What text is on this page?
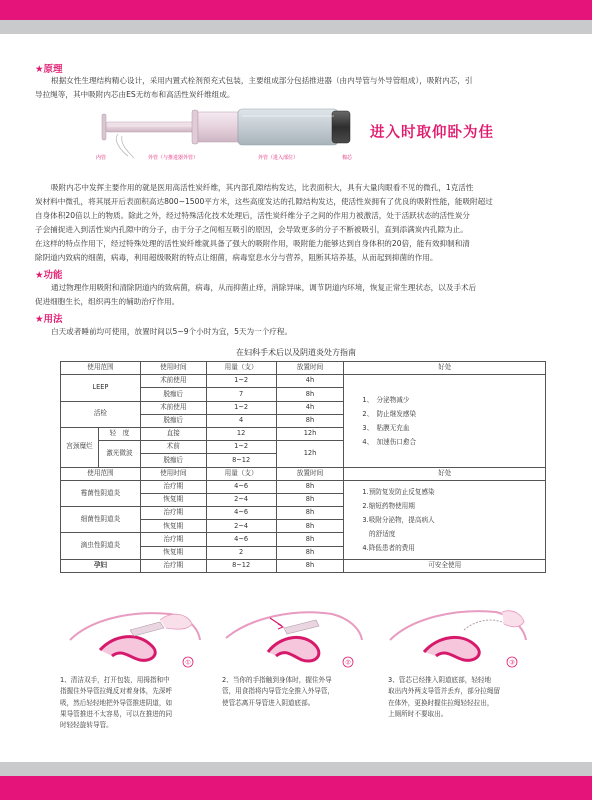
★原理
根据女性生理结构精心设计，采用内置式栓剂预充式包装，主要组成部分包括推进器（由内导管与外导管组成），吸附内芯，引
导拉绳等，其中吸附内芯由ES无纺布和高活性炭纤维组成。
进入时取仰卧为佳
内管	外管（与推进器外管）	外管（进入部位）	棉芯
吸附内芯中发挥主要作用的就是医用高活性炭纤维，其内部孔隙结构发达，比表面积大，具有大量肉眼看不见的微孔，1克活性
炭材料中微孔，将其展开后表面积高达800~1500平方米，这些高度发达的孔隙结构发达，使活性炭拥有了优良的吸附性能，能吸附超过
自身体积20倍以上的物质。除此之外，经过特殊活化技术处理后，活性炭纤维分子之间的作用力被激活，处于活跃状态的活性炭分
子会捕捉进入到活性炭内孔隙中的分子，由于分子之间相互吸引的原因，会导致更多的分子不断被吸引，直到添满炭内孔隙为止。
在这样的特点作用下，经过特殊处理的活性炭纤维就具备了强大的吸附作用，吸附能力能够达到自身体积的20倍，能有效抑制和清
除阴道内致病的细菌，病毒，利用超级吸附的特点让细菌，病毒窒息水分与营养，阻断其培养基，从而起到抑菌的作用。
★功能
通过物理作用吸附和清除阴道内的致病菌，病毒，从而抑菌止痒，消除异味，调节阴道内环境，恢复正常生理状态，以及手术后
促进细胞生长，组织再生的辅助治疗作用。
★用法
白天或者睡前均可使用，放置时间以5~9个小时为宜，5天为一个疗程。
在妇科手术后以及阴道炎处方指南
使用范围		使用时间	用量（支）	放置时间	好处
LEEP		术前使用	1~2	4h	1、　分泌物减少
2、　防止继发感染
3、　粘膜无充血
4、　加速伤口愈合

		脱痂后	7	8h	
活检		术前使用	1~2	4h	
		脱痂后	4	8h	
宫颈糜烂	轻　度	直接	12	12h	
	激光微波	术前	1~2	12h	
		脱痂后	8~12		
使用范围		使用时间	用量（支）	放置时间	好处
霉菌性阴道炎		治疗期	4~6	8h	1.预防复发防止反复感染
2.缩短药物使用期
3.吸附分泌物，提高病人
　的舒适度
4.降低患者的费用

		恢复期	2~4	8h	
细菌性阴道炎		治疗期	4~6	8h	
		恢复期	2~4	8h	
滴虫性阴道炎		治疗期	4~6	8h	
		恢复期	2	8h	
孕妇		治疗期	8~12	8h	可安全使用
①	②	③
1、清洁双手，打开包装，用拇指和中
指握住外导管拉绳反对着身体，先深呼
吸，然后轻轻地把外导管推进阴道，如
果导管推进不太容易，可以在推进的同
时轻轻旋转导管。
2、当你的手指触到身体时，握住外导
管，用食指将内导管完全推入外导管，
使管芯离开导管进入阴道底部。
3、管芯已经推入阴道底部，轻轻地
取出内外两支导管并丢弃，部分拉绳留
在体外，更换时握住拉绳轻轻拉出，
上厕所时不要取出。
